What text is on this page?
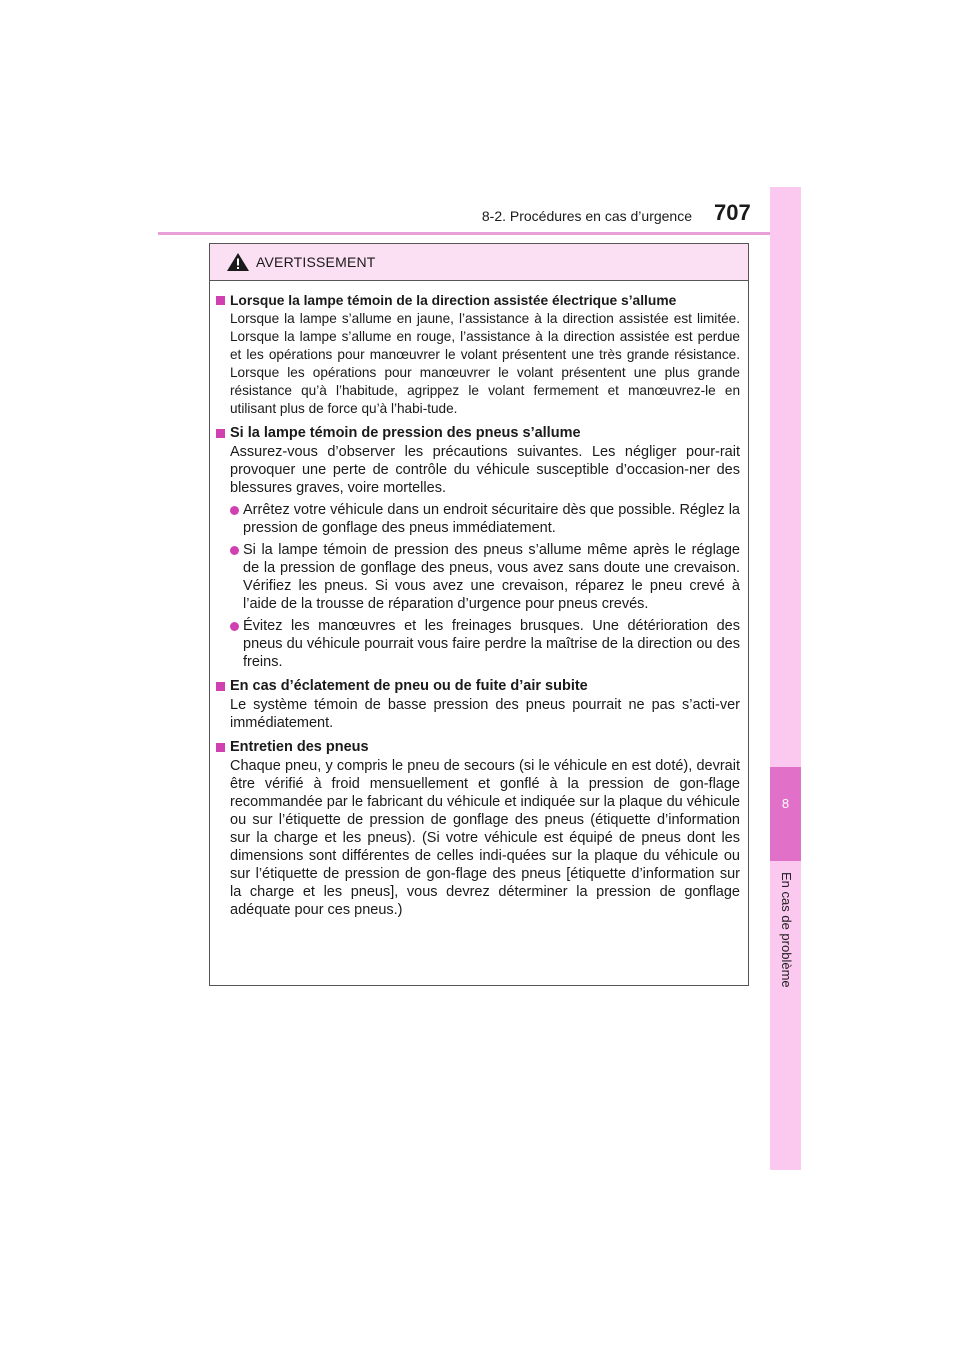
8-2. Procédures en cas d’urgence 707
8
En cas de problème
AVERTISSEMENT
Lorsque la lampe témoin de la direction assistée électrique s’allume
Lorsque la lampe s’allume en jaune, l’assistance à la direction assistée est limitée. Lorsque la lampe s’allume en rouge, l’assistance à la direction assistée est perdue et les opérations pour manœuvrer le volant présentent une très grande résistance. Lorsque les opérations pour manœuvrer le volant présentent une plus grande résistance qu’à l’habitude, agrippez le volant fermement et manœuvrez-le en utilisant plus de force qu’à l’habi-tude.
Si la lampe témoin de pression des pneus s’allume
Assurez-vous d’observer les précautions suivantes. Les négliger pour-rait provoquer une perte de contrôle du véhicule susceptible d’occasion-ner des blessures graves, voire mortelles.
Arrêtez votre véhicule dans un endroit sécuritaire dès que possible. Réglez la pression de gonflage des pneus immédiatement.
Si la lampe témoin de pression des pneus s’allume même après le réglage de la pression de gonflage des pneus, vous avez sans doute une crevaison. Vérifiez les pneus. Si vous avez une crevaison, réparez le pneu crevé à l’aide de la trousse de réparation d’urgence pour pneus crevés.
Évitez les manœuvres et les freinages brusques. Une détérioration des pneus du véhicule pourrait vous faire perdre la maîtrise de la direction ou des freins.
En cas d’éclatement de pneu ou de fuite d’air subite
Le système témoin de basse pression des pneus pourrait ne pas s’acti-ver immédiatement.
Entretien des pneus
Chaque pneu, y compris le pneu de secours (si le véhicule en est doté), devrait être vérifié à froid mensuellement et gonflé à la pression de gon-flage recommandée par le fabricant du véhicule et indiquée sur la plaque du véhicule ou sur l’étiquette de pression de gonflage des pneus (étiquette d’information sur la charge et les pneus). (Si votre véhicule est équipé de pneus dont les dimensions sont différentes de celles indi-quées sur la plaque du véhicule ou sur l’étiquette de pression de gon-flage des pneus [étiquette d’information sur la charge et les pneus], vous devrez déterminer la pression de gonflage adéquate pour ces pneus.)
